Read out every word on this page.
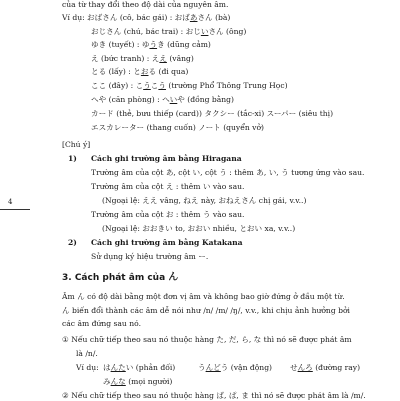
của từ thay đổi theo độ dài của nguyên âm.
Ví dụ: おばさん (cô, bác gái) : おばあさん (bà)
おじさん (chú, bác trai) : おじいさん (ông)
ゆき (tuyết) : ゆうき (dũng cảm)
え (bức tranh) : ええ (vâng)
とる (lấy) : とおる (đi qua)
ここ (đây) : こうこう (trường Phổ Thông Trung Học)
へや (căn phòng) : へいや (đồng bằng)
カード (thẻ, bưu thiếp (card)) タクシー (tắc-xi) スーパー (siêu thị)
エスカレーター (thang cuốn) ノート (quyển vở)
[Chú ý]
1) Cách ghi trường âm bằng Hiragana
Trường âm của cột あ, cột い, cột う : thêm あ, い, う tương ứng vào sau.
Trường âm của cột え : thêm い vào sau.
(Ngoại lệ: ええ vâng, ねえ này, おねえさん chị gái, v.v..)
Trường âm của cột お : thêm う vào sau.
(Ngoại lệ: おおきい to, おおい nhiều, とおい xa, v.v..)
2) Cách ghi trường âm bằng Katakana
Sử dụng ký hiệu trường âm ー.
3. Cách phát âm của ん
Âm ん có độ dài bằng một đơn vị âm và không bao giờ đứng ở đầu một từ.
ん biến đổi thành các âm dễ nói như /n/ /m/ /ŋ/, v.v., khi chịu ảnh hưởng bởi
các âm đứng sau nó.
① Nếu chữ tiếp theo sau nó thuộc hàng た, だ, ら, な thì nó sẽ được phát âm
là /n/.
Ví dụ: はんたい (phản đối)	うんどう (vận động) せんろ (đường ray)
みんな (mọi người)
② Nếu chữ tiếp theo sau nó thuộc hàng ば, ぱ, ま thì nó sẽ được phát âm là /m/.
4
